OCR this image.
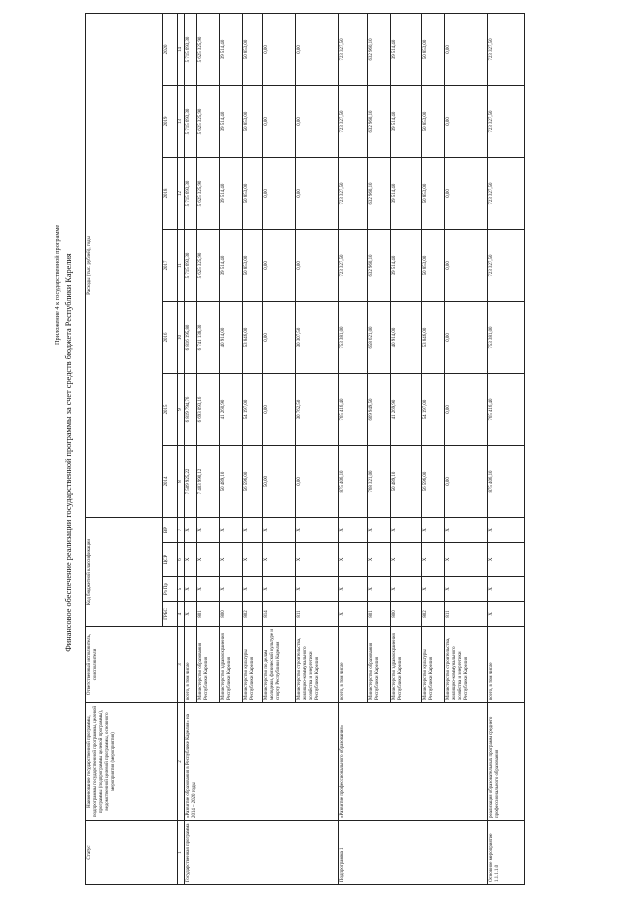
Приложение 4 к государственной программе Финансовое обеспечение реализации государственной программы за счет средств бюджета Республики Карелия
Статус	Наименование государственной программы, подпрограммы государственной программы, целевой программы (подпрограммы целевой программы), ведомственной целевой программы, основного мероприятия (мероприятия)	Ответственный исполнитель, соисполнители	Код бюджетной классификации				Расходы (тыс. рублей), годы						
			ГРБС	Рз Пр	ЦСР	ВР	2014	2015	2016	2017	2018	2019	2020
1	2	3	4	5	6	7	8	9	10	11	12	13	14
Государственная программа	«Развитие образования в Республике Карелия» на 2014 – 2020 годы	всего, в том числе	Х	Х	Х	Х	7 509 925,22	6 819 794,76	6 816 195,80	5 715 693,30	5 715 693,30	5 715 693,30	5 715 693,30

		Министерство образования Республики Карелия	801	Х	Х	Х	7 403 990,12	6 693 093,16	6 741 138,30	5 625 325,90	5 625 325,90	5 625 325,90	5 625 325,90

		Министерство здравоохранения Республики Карелия	800	Х	Х	Х	50 489,10	41 260,90	40 914,00	39 514,40	39 514,40	39 514,40	39 514,40

		Министерство культуры Республики Карелия	802	Х	Х	Х	56 596,00	54 197,00	53 846,00	50 853,00	50 853,00	50 853,00	50 853,00

		Министерство по делам молодежи, физической культуре и спорту Республики Карелия	814	Х	Х	Х	50,00	0,00	0,00	0,00	0,00	0,00	0,00

		Министерство строительства, жилищно-коммунального хозяйства и энергетики Республики Карелия	811	Х	Х	Х	0,00	30 762,50	30 307,50	0,00	0,00	0,00	0,00

Подпрограмма 1	«Развитие профессионального образования»	всего, в том числе	Х	Х	Х	Х	875 406,10	765 416,40	753 381,00	723 327,50	723 327,50	723 327,50	723 327,50

		Министерство образования Республики Карелия	801	Х	Х	Х	768 321,00	669 949,50	658 621,00	632 960,10	632 960,10	632 960,10	632 960,10

		Министерство здравоохранения Республики Карелия	800	Х	Х	Х	50 489,10	41 269,90	40 914,00	39 514,40	39 514,40	39 514,40	39 514,40

		Министерство культуры Республики Карелия	802	Х	Х	Х	56 596,00	54 197,00	53 846,00	50 853,00	50 853,00	50 853,00	50 853,00

		Министерство строительства, жилищно-коммунального хозяйства и энергетики Республики Карелия	811	Х	Х	Х	0,00	0,00	0,00	0,00	0,00	0,00	0,00

Основное мероприятие 1.1.1.1.0	реализация образовательных программ среднего профессионального образования	всего, в том числе	Х	Х	Х	Х	875 406,10	765 416,40	753 381,00	723 327,50	723 327,50	723 327,50	723 327,50
